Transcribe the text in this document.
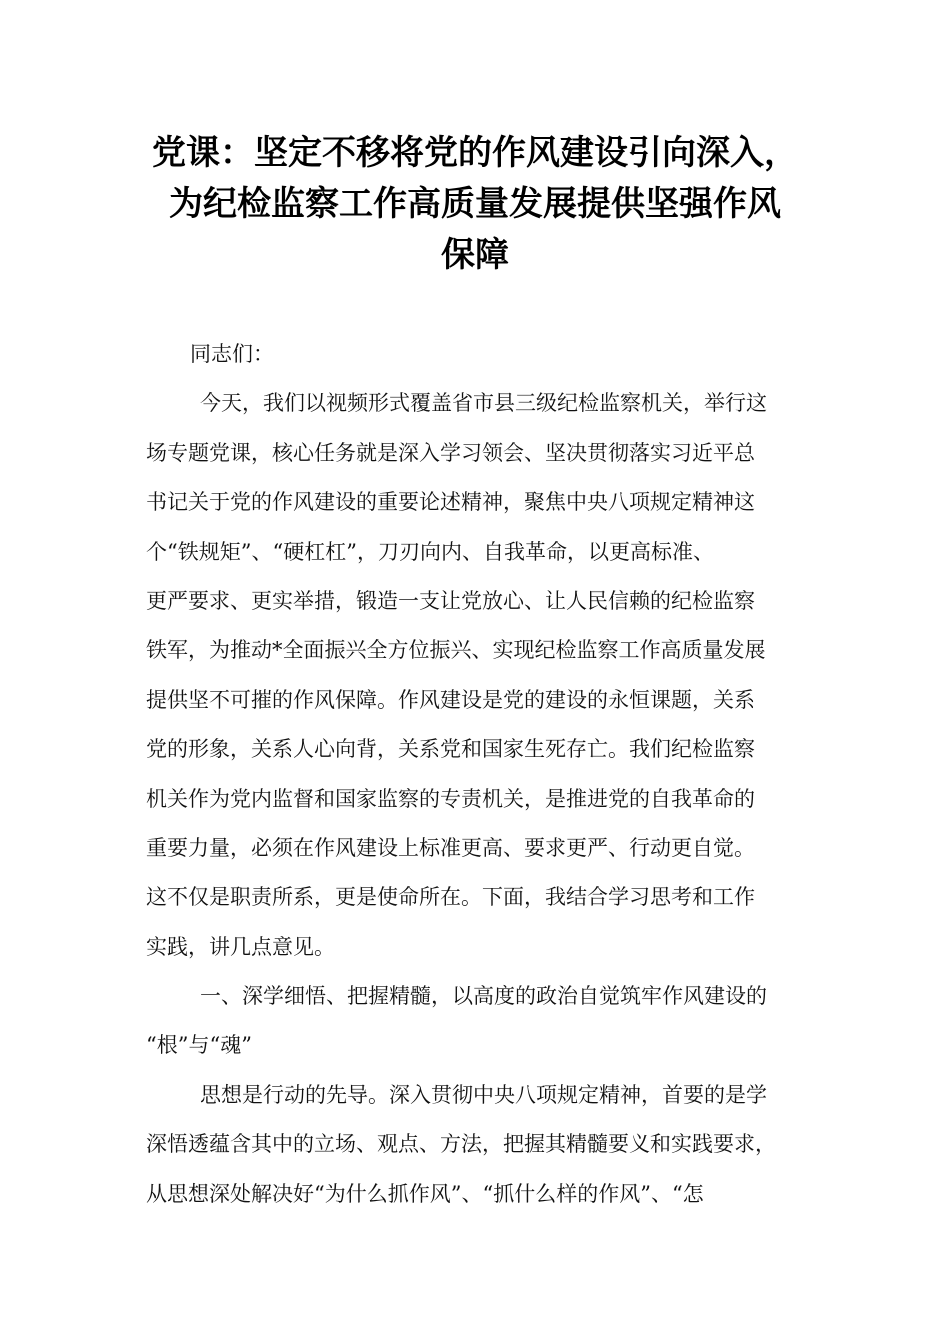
党课：坚定不移将党的作风建设引向深入，
为纪检监察工作高质量发展提供坚强作风
保障
同志们：
今天，我们以视频形式覆盖省市县三级纪检监察机关，举行这
场专题党课，核心任务就是深入学习领会、坚决贯彻落实习近平总
书记关于党的作风建设的重要论述精神，聚焦中央八项规定精神这
个“铁规矩”、“硬杠杠”，刀刃向内、自我革命，以更高标准、
更严要求、更实举措，锻造一支让党放心、让人民信赖的纪检监察
铁军，为推动*全面振兴全方位振兴、实现纪检监察工作高质量发展
提供坚不可摧的作风保障。作风建设是党的建设的永恒课题，关系
党的形象，关系人心向背，关系党和国家生死存亡。我们纪检监察
机关作为党内监督和国家监察的专责机关，是推进党的自我革命的
重要力量，必须在作风建设上标准更高、要求更严、行动更自觉。
这不仅是职责所系，更是使命所在。下面，我结合学习思考和工作
实践，讲几点意见。
一、深学细悟、把握精髓，以高度的政治自觉筑牢作风建设的
“根”与“魂”
思想是行动的先导。深入贯彻中央八项规定精神，首要的是学
深悟透蕴含其中的立场、观点、方法，把握其精髓要义和实践要求，
从思想深处解决好“为什么抓作风”、“抓什么样的作风”、“怎
